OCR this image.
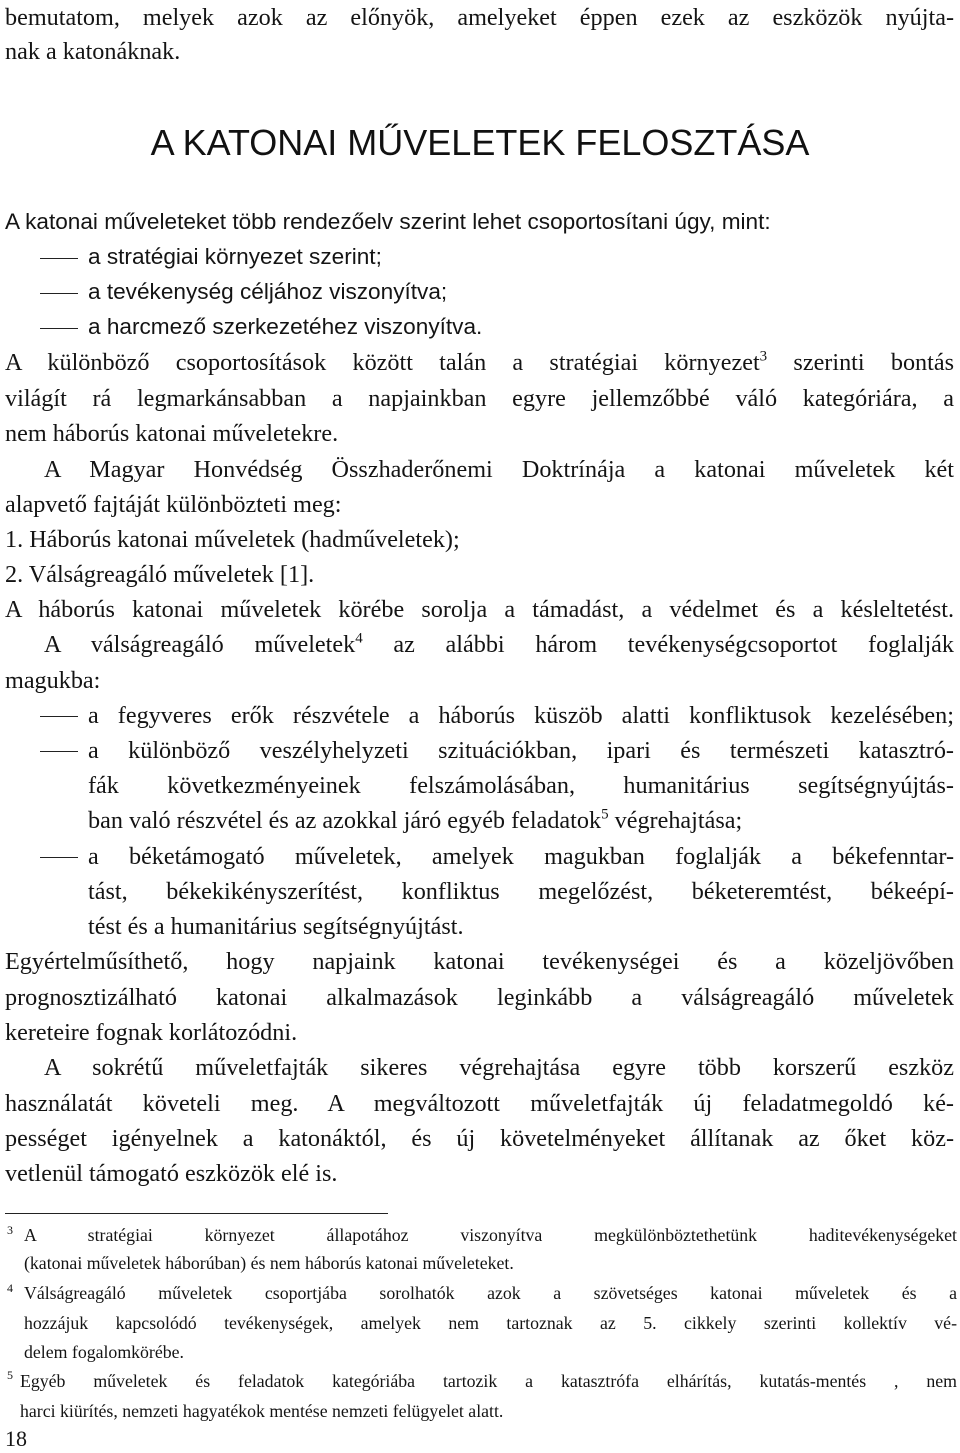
bemutatom, melyek azok az előnyök, amelyeket éppen ezek az eszközök nyújta-
nak a katonáknak.
A KATONAI MŰVELETEK FELOSZTÁSA
A katonai műveleteket több rendezőelv szerint lehet csoportosítani úgy, mint:
a stratégiai környezet szerint;
a tevékenység céljához viszonyítva;
a harcmező szerkezetéhez viszonyítva.
A különböző csoportosítások között talán a stratégiai környezet$^3$ szerinti bontás
világít rá legmarkánsabban a napjainkban egyre jellemzőbbé váló kategóriára, a
nem háborús katonai műveletekre.
A Magyar Honvédség Összhaderőnemi Doktrínája a katonai műveletek két
alapvető fajtáját különbözteti meg:
1. Háborús katonai műveletek (hadműveletek);
2. Válságreagáló műveletek [1].
A háborús katonai műveletek körébe sorolja a támadást, a védelmet és a késleltetést.
A válságreagáló műveletek$^4$ az alábbi három tevékenységcsoportot foglalják
magukba:
a fegyveres erők részvétele a háborús küszöb alatti konfliktusok kezelésében;
a különböző veszélyhelyzeti szituációkban, ipari és természeti katasztró-
fák következményeinek felszámolásában, humanitárius segítségnyújtás-
ban való részvétel és az azokkal járó egyéb feladatok$^5$ végrehajtása;
a béketámogató műveletek, amelyek magukban foglalják a békefenntar-
tást, békekikényszerítést, konfliktus megelőzést, béketeremtést, békeépí-
tést és a humanitárius segítségnyújtást.
Egyértelműsíthető, hogy napjaink katonai tevékenységei és a közeljövőben
prognosztizálható katonai alkalmazások leginkább a válságreagáló műveletek
kereteire fognak korlátozódni.
A sokrétű műveletfajták sikeres végrehajtása egyre több korszerű eszköz
használatát követeli meg. A megváltozott műveletfajták új feladatmegoldó ké-
pességet igényelnek a katonáktól, és új követelményeket állítanak az őket köz-
vetlenül támogató eszközök elé is.
3 A stratégiai környezet állapotához viszonyítva megkülönböztethetünk haditevékenységeket
(katonai műveletek háborúban) és nem háborús katonai műveleteket.
4 Válságreagáló műveletek csoportjába sorolhatók azok a szövetséges katonai műveletek és a
hozzájuk kapcsolódó tevékenységek, amelyek nem tartoznak az 5. cikkely szerinti kollektív vé-
delem fogalomkörébe.
5 Egyéb műveletek és feladatok kategóriába tartozik a katasztrófa elhárítás, kutatás-mentés , nem
harci kiürítés, nemzeti hagyatékok mentése nemzeti felügyelet alatt.
18
